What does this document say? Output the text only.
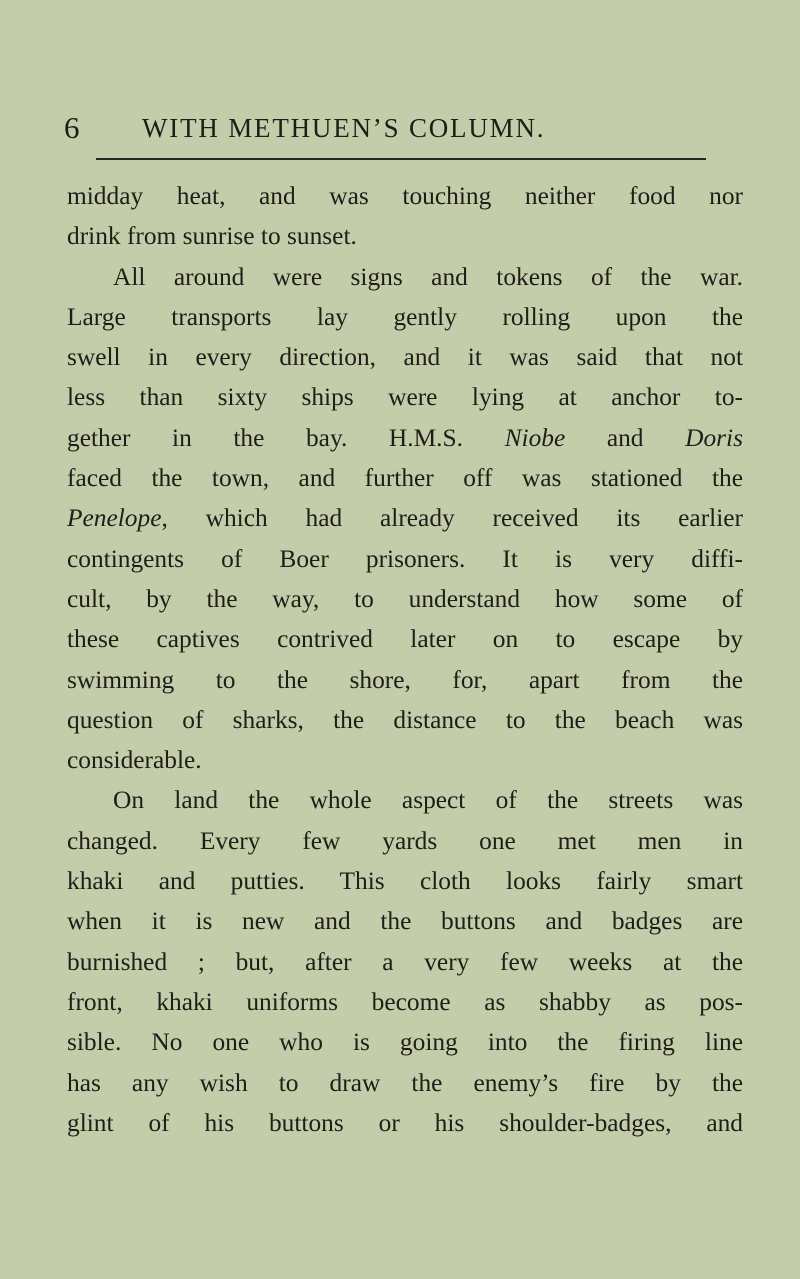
6 WITH METHUEN’S COLUMN.
midday heat, and was touching neither food nor
drink from sunrise to sunset.
All around were signs and tokens of the war.
Large transports lay gently rolling upon the
swell in every direction, and it was said that not
less than sixty ships were lying at anchor to-
gether in the bay. H.M.S. Niobe and Doris
faced the town, and further off was stationed the
Penelope, which had already received its earlier
contingents of Boer prisoners. It is very diffi-
cult, by the way, to understand how some of
these captives contrived later on to escape by
swimming to the shore, for, apart from the
question of sharks, the distance to the beach was
considerable.
On land the whole aspect of the streets was
changed. Every few yards one met men in
khaki and putties. This cloth looks fairly smart
when it is new and the buttons and badges are
burnished ; but, after a very few weeks at the
front, khaki uniforms become as shabby as pos-
sible. No one who is going into the firing line
has any wish to draw the enemy’s fire by the
glint of his buttons or his shoulder-badges, and
